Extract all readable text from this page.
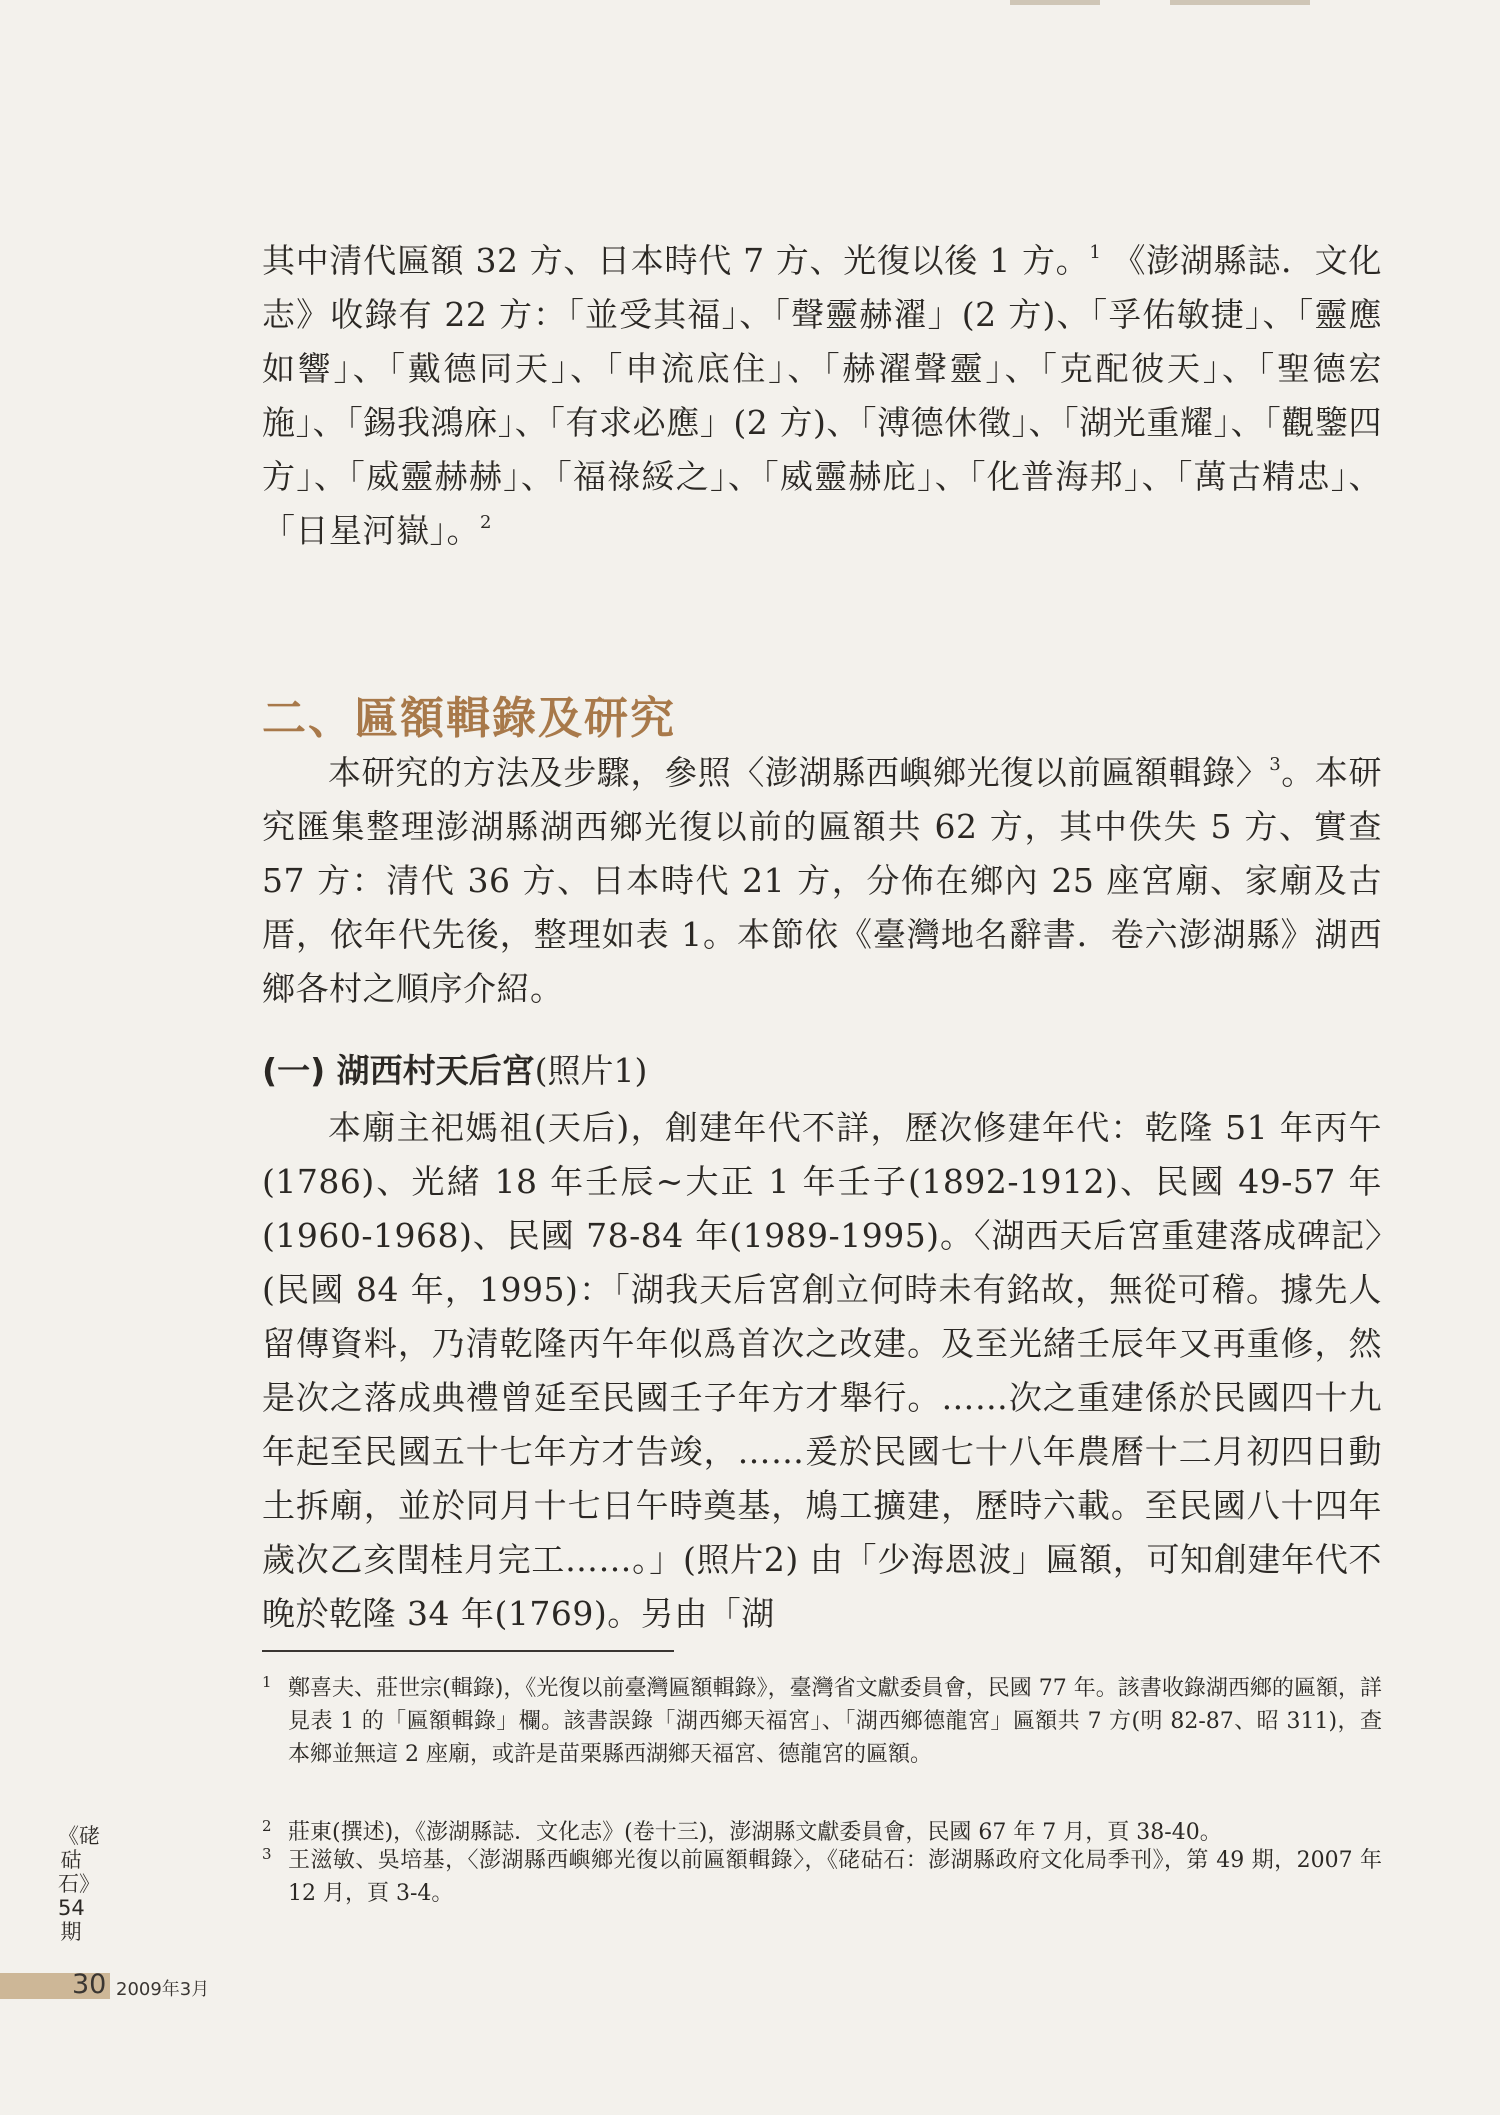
其中清代匾額 32 方、日本時代 7 方、光復以後 1 方。$^1$ 《澎湖縣誌．文化志》收錄有 22 方：「並受其福」、「聲靈赫濯」(2 方)、「孚佑敏捷」、「靈應如響」、「戴德同天」、「申流底住」、「赫濯聲靈」、「克配彼天」、「聖德宏施」、「錫我鴻庥」、「有求必應」(2 方)、「溥德休徵」、「湖光重耀」、「觀鑒四方」、「威靈赫赫」、「福祿綏之」、「威靈赫庇」、「化普海邦」、「萬古精忠」、「日星河嶽」。$^2$

二、匾額輯錄及研究

本研究的方法及步驟，參照〈澎湖縣西嶼鄉光復以前匾額輯錄〉$^3$。本研究匯集整理澎湖縣湖西鄉光復以前的匾額共 62 方，其中佚失 5 方、實查 57 方：清代 36 方、日本時代 21 方，分佈在鄉內 25 座宮廟、家廟及古厝，依年代先後，整理如表 1。本節依《臺灣地名辭書．卷六澎湖縣》湖西鄉各村之順序介紹。

(一) 湖西村天后宮(照片1)

本廟主祀媽祖(天后)，創建年代不詳，歷次修建年代：乾隆 51 年丙午(1786)、光緒 18 年壬辰~大正 1 年壬子(1892-1912)、民國 49-57 年(1960-1968)、民國 78-84 年(1989-1995)。〈湖西天后宮重建落成碑記〉(民國 84 年，1995)：「湖我天后宮創立何時未有銘故，無從可稽。據先人留傳資料，乃清乾隆丙午年似爲首次之改建。及至光緒壬辰年又再重修，然是次之落成典禮曾延至民國壬子年方才舉行。……次之重建係於民國四十九年起至民國五十七年方才告竣，……爰於民國七十八年農曆十二月初四日動土拆廟，並於同月十七日午時奠基，鳩工擴建，歷時六載。至民國八十四年歲次乙亥閏桂月完工……。」(照片2) 由「少海恩波」匾額，可知創建年代不晚於乾隆 34 年(1769)。另由「湖

1 鄭喜夫、莊世宗(輯錄)，《光復以前臺灣匾額輯錄》，臺灣省文獻委員會，民國 77 年。該書收錄湖西鄉的匾額，詳見表 1 的「匾額輯錄」欄。該書誤錄「湖西鄉天福宮」、「湖西鄉德龍宮」匾額共 7 方(明 82-87、昭 311)，查本鄉並無這 2 座廟，或許是苗栗縣西湖鄉天福宮、德龍宮的匾額。

2 莊東(撰述)，《澎湖縣誌．文化志》(卷十三)，澎湖縣文獻委員會，民國 67 年 7 月，頁 38-40。

3 王滋敏、吳培基，〈澎湖縣西嶼鄉光復以前匾額輯錄〉，《硓𥑮石：澎湖縣政府文化局季刊》，第 49 期，2007 年 12 月，頁 3-4。

《硓𥑮石》54期
30 2009年3月
